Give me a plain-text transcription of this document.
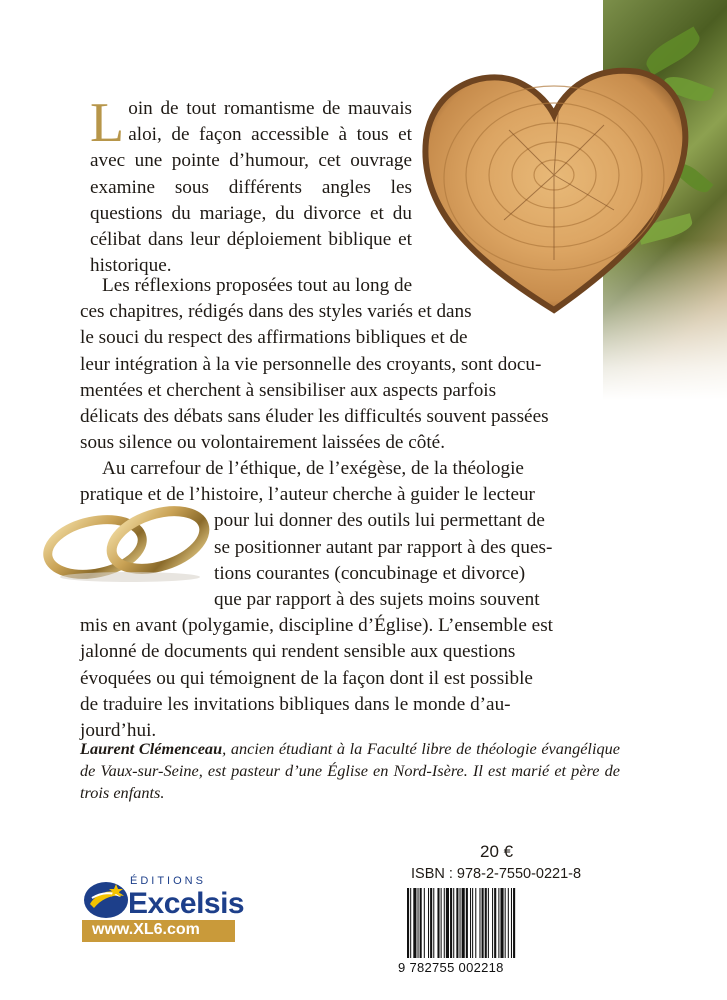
L oin de tout romantisme de mauvais aloi, de façon accessible à tous et avec une pointe d’humour, cet ouvrage examine sous différents angles les questions du mariage, du divorce et du célibat dans leur déploiement biblique et historique.

Les réflexions proposées tout au long de
ces chapitres, rédigés dans des styles variés et dans
le souci du respect des affirmations bibliques et de
leur intégration à la vie personnelle des croyants, sont docu-
mentées et cherchent à sensibiliser aux aspects parfois
délicats des débats sans éluder les difficultés souvent passées
sous silence ou volontairement laissées de côté.
Au carrefour de l’éthique, de l’exégèse, de la théologie
pratique et de l’histoire, l’auteur cherche à guider le lecteur
pour lui donner des outils lui permettant de
se positionner autant par rapport à des ques-
tions courantes (concubinage et divorce)
que par rapport à des sujets moins souvent
mis en avant (polygamie, discipline d’Église). L’ensemble est
jalonné de documents qui rendent sensible aux questions
évoquées ou qui témoignent de la façon dont il est possible
de traduire les invitations bibliques dans le monde d’au-
jourd’hui.
Laurent Clémenceau, ancien étudiant à la Faculté libre de théologie évangélique de Vaux-sur-Seine, est pasteur d’une Église en Nord-Isère. Il est marié et père de trois enfants.
ÉDITIONS
Excelsis
www.XL6.com
20 €
ISBN : 978-2-7550-0221-8
9 782755 002218
